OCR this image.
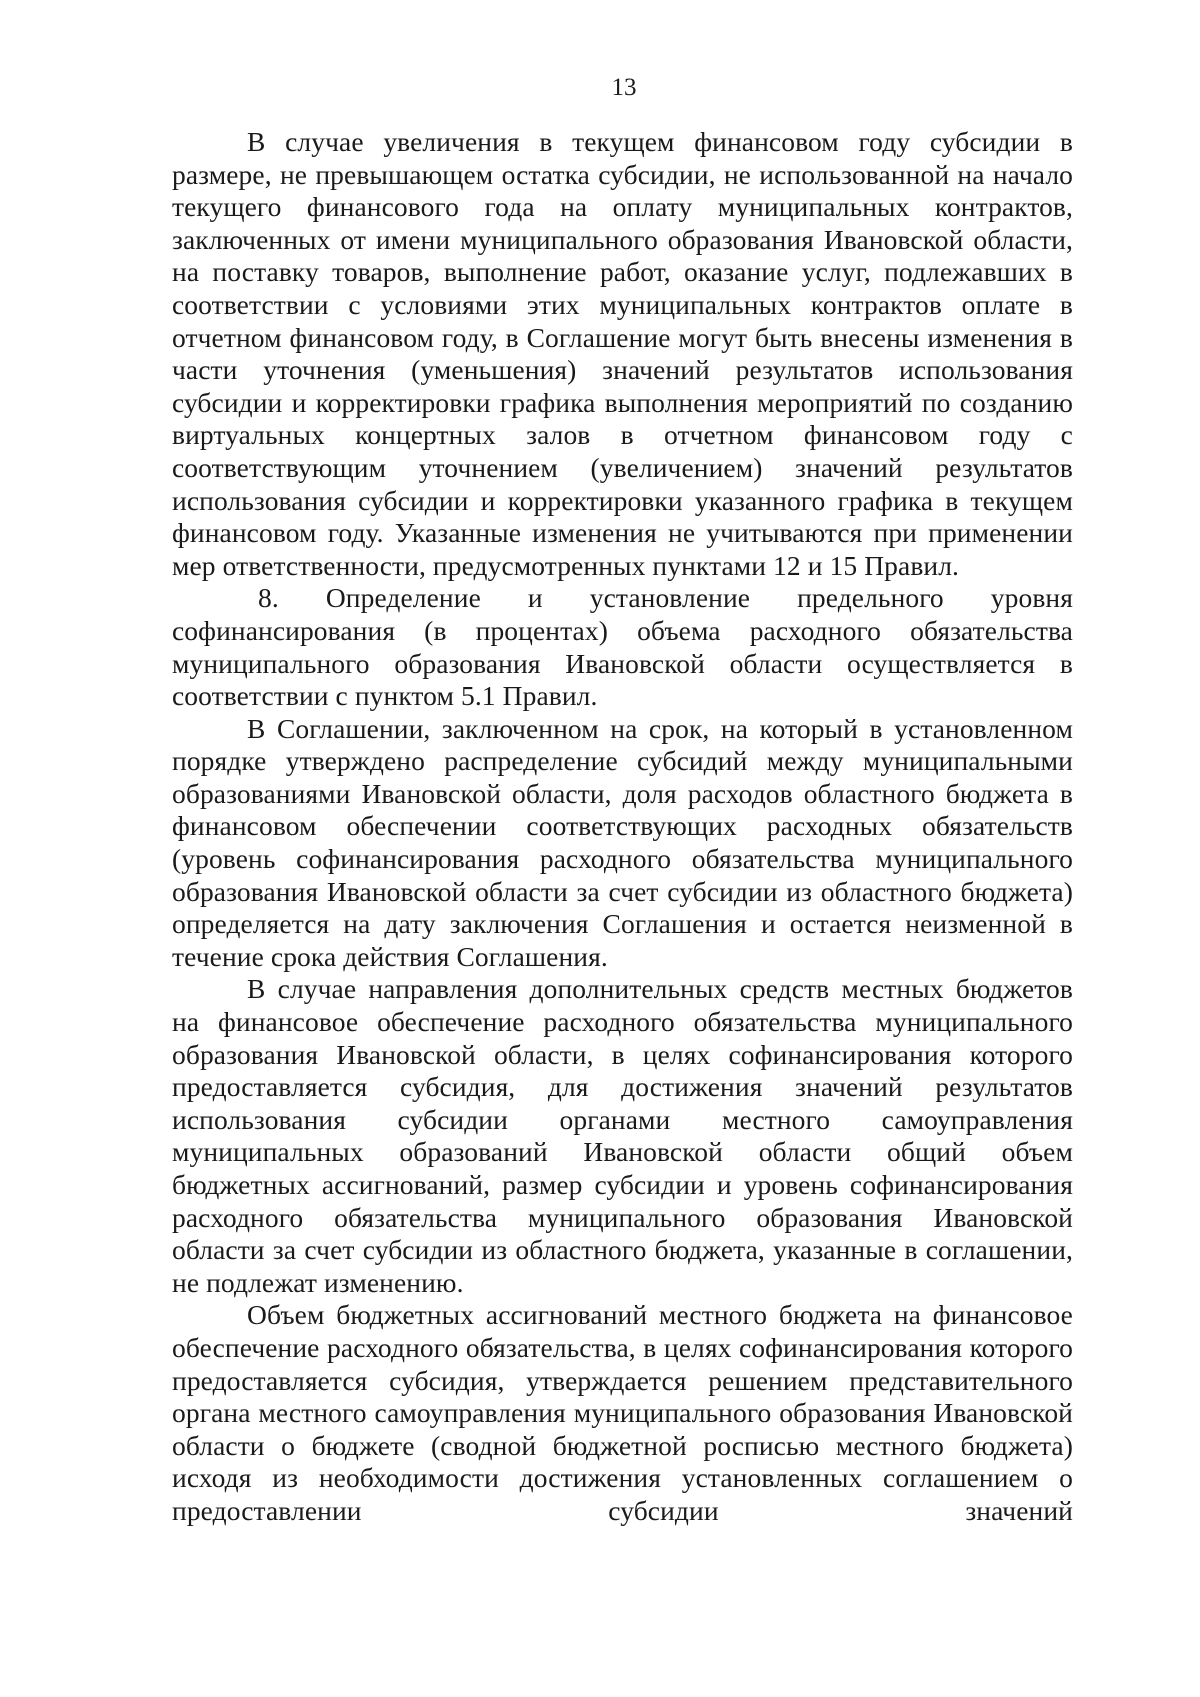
13

В случае увеличения в текущем финансовом году субсидии в размере, не превышающем остатка субсидии, не использованной на начало текущего финансового года на оплату муниципальных контрактов, заключенных от имени муниципального образования Ивановской области, на поставку товаров, выполнение работ, оказание услуг, подлежавших в соответствии с условиями этих муниципальных контрактов оплате в отчетном финансовом году, в Соглашение могут быть внесены изменения в части уточнения (уменьшения) значений результатов использования субсидии и корректировки графика выполнения мероприятий по созданию виртуальных концертных залов в отчетном финансовом году с соответствующим уточнением (увеличением) значений результатов использования субсидии и корректировки указанного графика в текущем финансовом году. Указанные изменения не учитываются при применении мер ответственности, предусмотренных пунктами 12 и 15 Правил.

8. Определение и установление предельного уровня софинансирования (в процентах) объема расходного обязательства муниципального образования Ивановской области осуществляется в соответствии с пунктом 5.1 Правил.

В Соглашении, заключенном на срок, на который в установленном порядке утверждено распределение субсидий между муниципальными образованиями Ивановской области, доля расходов областного бюджета в финансовом обеспечении соответствующих расходных обязательств (уровень софинансирования расходного обязательства муниципального образования Ивановской области за счет субсидии из областного бюджета) определяется на дату заключения Соглашения и остается неизменной в течение срока действия Соглашения.

В случае направления дополнительных средств местных бюджетов на финансовое обеспечение расходного обязательства муниципального образования Ивановской области, в целях софинансирования которого предоставляется субсидия, для достижения значений результатов использования субсидии органами местного самоуправления муниципальных образований Ивановской области общий объем бюджетных ассигнований, размер субсидии и уровень софинансирования расходного обязательства муниципального образования Ивановской области за счет субсидии из областного бюджета, указанные в соглашении, не подлежат изменению.

Объем бюджетных ассигнований местного бюджета на финансовое обеспечение расходного обязательства, в целях софинансирования которого предоставляется субсидия, утверждается решением представительного органа местного самоуправления муниципального образования Ивановской области о бюджете (сводной бюджетной росписью местного бюджета) исходя из необходимости достижения установленных соглашением о предоставлении субсидии значений
